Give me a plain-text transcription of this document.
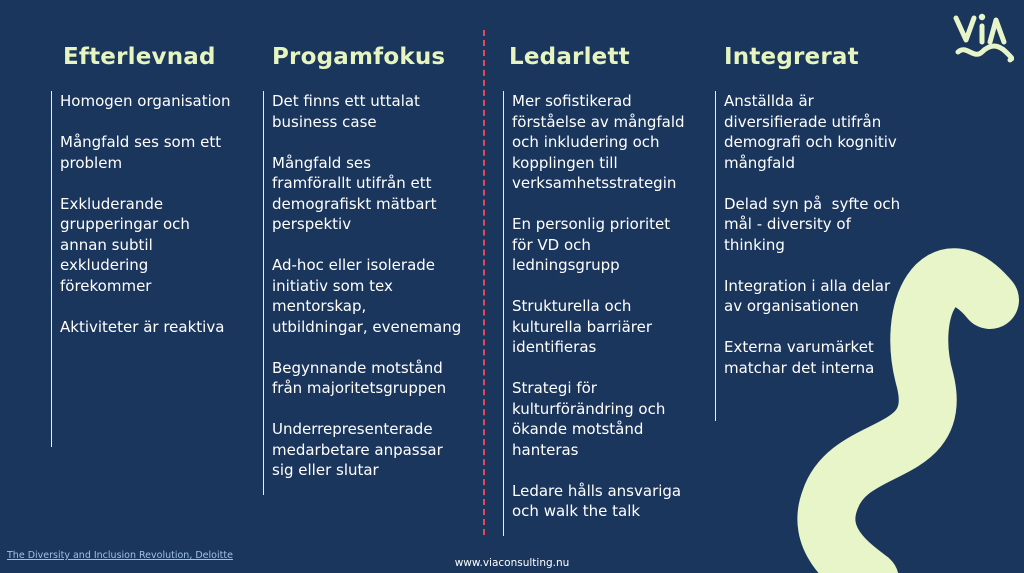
Efterlevnad
Homogen organisation
Mångfald ses som ett
problem
Exkluderande
grupperingar och
annan subtil
exkludering
förekommer
Aktiviteter är reaktiva
Progamfokus
Det finns ett uttalat
business case
Mångfald ses
framförallt utifrån ett
demografiskt mätbart
perspektiv
Ad-hoc eller isolerade
initiativ som tex
mentorskap,
utbildningar, evenemang
Begynnande motstånd
från majoritetsgruppen
Underrepresenterade
medarbetare anpassar
sig eller slutar
Ledarlett
Mer sofistikerad
förståelse av mångfald
och inkludering och
kopplingen till
verksamhetsstrategin
En personlig prioritet
för VD och
ledningsgrupp
Strukturella och
kulturella barriärer
identifieras
Strategi för
kulturförändring och
ökande motstånd
hanteras
Ledare hålls ansvariga
och walk the talk
Integrerat
Anställda är
diversifierade utifrån
demografi och kognitiv
mångfald
Delad syn på  syfte och
mål - diversity of
thinking
Integration i alla delar
av organisationen
Externa varumärket
matchar det interna
The Diversity and Inclusion Revolution, Deloitte
www.viaconsulting.nu
